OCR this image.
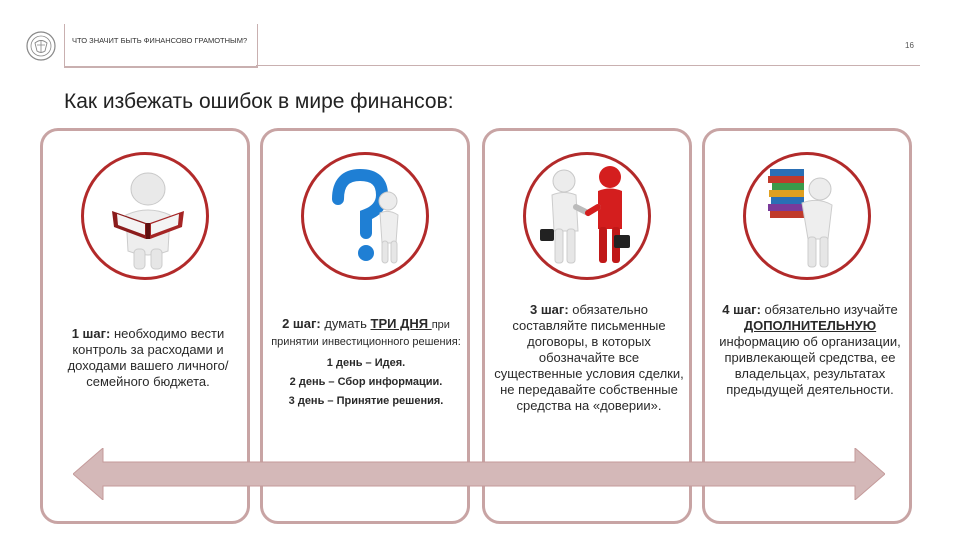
ЧТО ЗНАЧИТ БЫТЬ ФИНАНСОВО ГРАМОТНЫМ?
16
Как избежать ошибок в мире финансов:
1 шаг: необходимо вести контроль за расходами и доходами вашего личного/семейного бюджета.
2 шаг: думать ТРИ ДНЯ при принятии инвестиционного решения:
1 день – Идея.
2 день – Сбор информации.
3 день – Принятие решения.
3 шаг: обязательно составляйте письменные договоры, в которых обозначайте все существенные условия сделки, не передавайте собственные средства на «доверии».
4 шаг: обязательно изучайте ДОПОЛНИТЕЛЬНУЮ информацию об организации, привлекающей средства, ее владельцах, результатах предыдущей деятельности.
